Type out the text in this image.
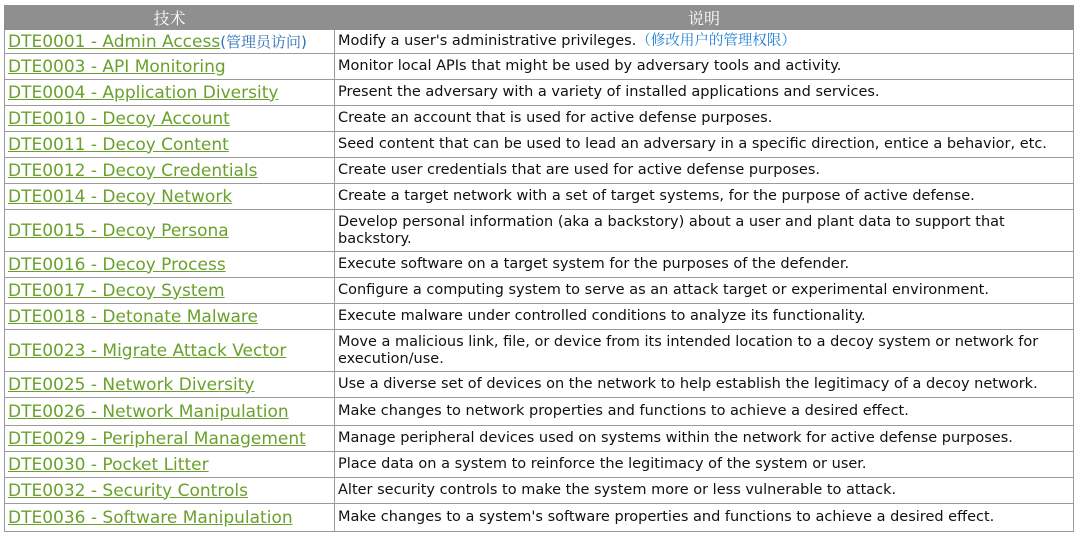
技术	说明
DTE0001 - Admin Access(管理员访问)	Modify a user's administrative privileges.（修改用户的管理权限）
DTE0003 - API Monitoring	Monitor local APIs that might be used by adversary tools and activity.
DTE0004 - Application Diversity	Present the adversary with a variety of installed applications and services.
DTE0010 - Decoy Account	Create an account that is used for active defense purposes.
DTE0011 - Decoy Content	Seed content that can be used to lead an adversary in a specific direction, entice a behavior, etc.
DTE0012 - Decoy Credentials	Create user credentials that are used for active defense purposes.
DTE0014 - Decoy Network	Create a target network with a set of target systems, for the purpose of active defense.
DTE0015 - Decoy Persona	Develop personal information (aka a backstory) about a user and plant data to support that backstory.
DTE0016 - Decoy Process	Execute software on a target system for the purposes of the defender.
DTE0017 - Decoy System	Configure a computing system to serve as an attack target or experimental environment.
DTE0018 - Detonate Malware	Execute malware under controlled conditions to analyze its functionality.
DTE0023 - Migrate Attack Vector	Move a malicious link, file, or device from its intended location to a decoy system or network for execution/use.
DTE0025 - Network Diversity	Use a diverse set of devices on the network to help establish the legitimacy of a decoy network.
DTE0026 - Network Manipulation	Make changes to network properties and functions to achieve a desired effect.
DTE0029 - Peripheral Management	Manage peripheral devices used on systems within the network for active defense purposes.
DTE0030 - Pocket Litter	Place data on a system to reinforce the legitimacy of the system or user.
DTE0032 - Security Controls	Alter security controls to make the system more or less vulnerable to attack.
DTE0036 - Software Manipulation	Make changes to a system's software properties and functions to achieve a desired effect.
